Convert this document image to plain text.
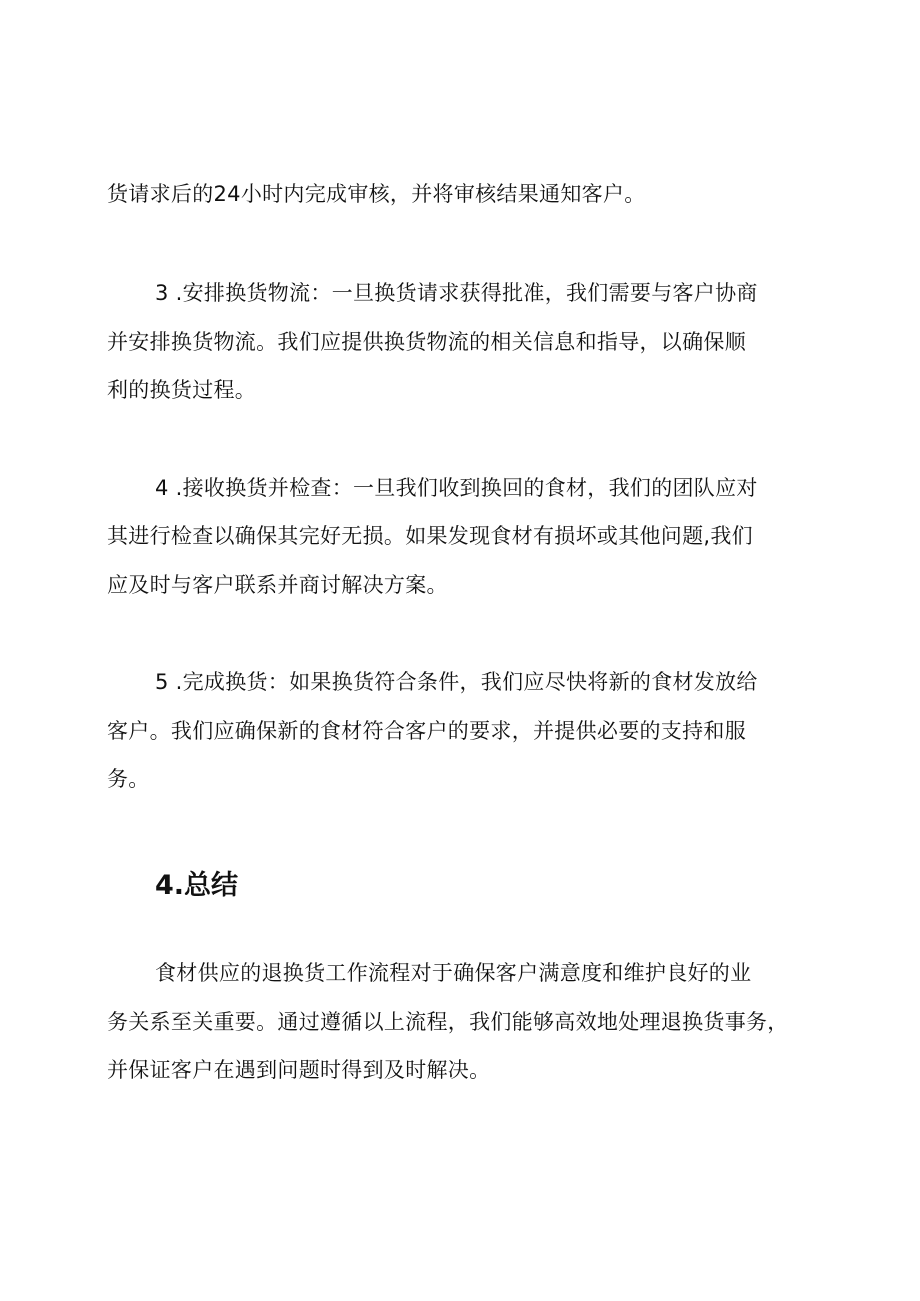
货请求后的24小时内完成审核，并将审核结果通知客户。
3 .安排换货物流：一旦换货请求获得批准，我们需要与客户协商
并安排换货物流。我们应提供换货物流的相关信息和指导，以确保顺
利的换货过程。
4 .接收换货并检查：一旦我们收到换回的食材，我们的团队应对
其进行检查以确保其完好无损。如果发现食材有损坏或其他问题,我们
应及时与客户联系并商讨解决方案。
5 .完成换货：如果换货符合条件，我们应尽快将新的食材发放给
客户。我们应确保新的食材符合客户的要求，并提供必要的支持和服
务。
4.总结
食材供应的退换货工作流程对于确保客户满意度和维护良好的业
务关系至关重要。通过遵循以上流程，我们能够高效地处理退换货事务，
并保证客户在遇到问题时得到及时解决。
